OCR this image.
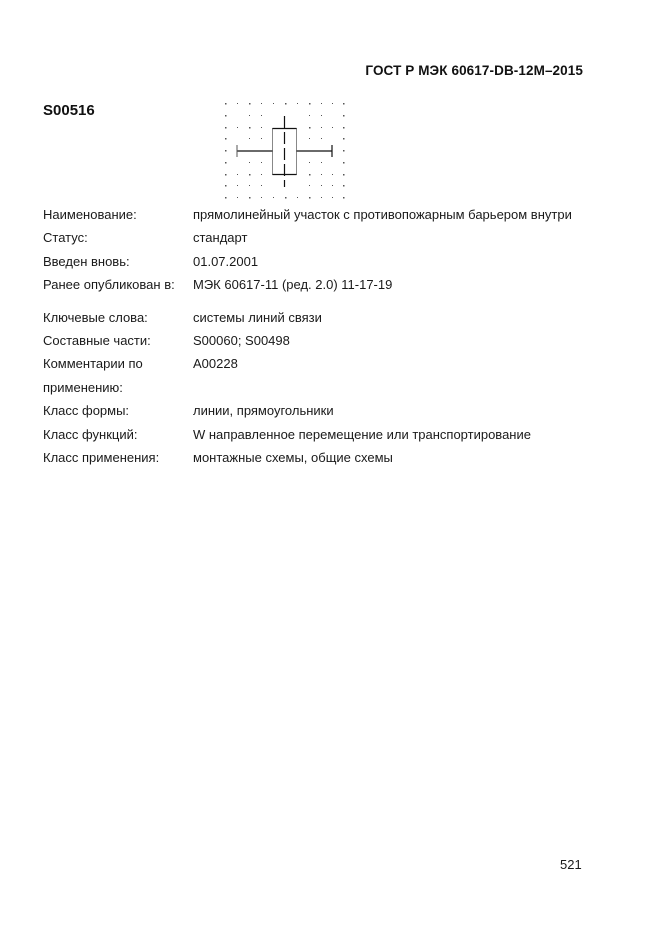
ГОСТ Р МЭК 60617-DB-12M–2015
S00516
Наименование:	прямолинейный участок с противопожарным барьером внутри
Статус:	стандарт
Введен вновь:	01.07.2001
Ранее опубликован в:	МЭК 60617-11 (ред. 2.0) 11-17-19
Ключевые слова:	системы линий связи
Составные части:	S00060; S00498
Комментарии по применению:
A00228
Класс формы:	линии, прямоугольники
Класс функций:	W направленное перемещение или транспортирование
Класс применения:	монтажные схемы, общие схемы
521
